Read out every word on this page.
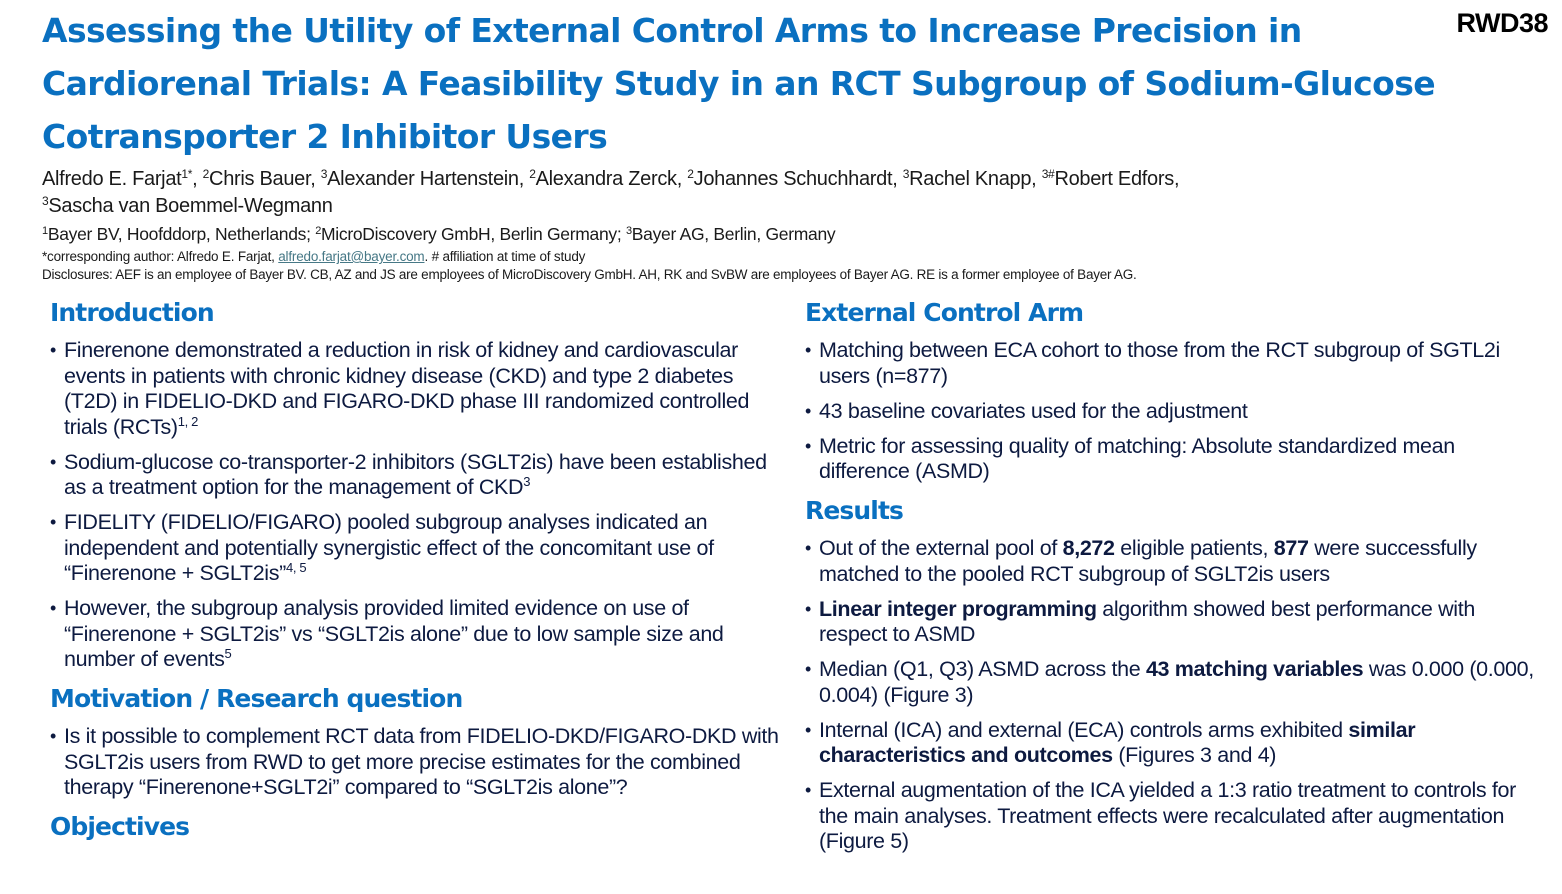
Assessing the Utility of External Control Arms to Increase Precision in
Cardiorenal Trials: A Feasibility Study in an RCT Subgroup of Sodium-Glucose
Cotransporter 2 Inhibitor Users
RWD38
Alfredo E. Farjat$^{1*}$, $^2$Chris Bauer, $^3$Alexander Hartenstein, $^2$Alexandra Zerck, $^2$Johannes Schuchhardt, $^3$Rachel Knapp, $^{3\#}$Robert Edfors,
$^3$Sascha van Boemmel-Wegmann
$^1$Bayer BV, Hoofddorp, Netherlands; $^2$MicroDiscovery GmbH, Berlin Germany; $^3$Bayer AG, Berlin, Germany
*corresponding author: Alfredo E. Farjat, alfredo.farjat@bayer.com. # affiliation at time of study
Disclosures: AEF is an employee of Bayer BV. CB, AZ and JS are employees of MicroDiscovery GmbH. AH, RK and SvBW are employees of Bayer AG. RE is a former employee of Bayer AG.
Introduction
• Finerenone demonstrated a reduction in risk of kidney and cardiovascular events in patients with chronic kidney disease (CKD) and type 2 diabetes (T2D) in FIDELIO-DKD and FIGARO-DKD phase III randomized controlled trials (RCTs)$^{1, 2}$
• Sodium-glucose co-transporter-2 inhibitors (SGLT2is) have been established as a treatment option for the management of CKD$^3$
• FIDELITY (FIDELIO/FIGARO) pooled subgroup analyses indicated an independent and potentially synergistic effect of the concomitant use of “Finerenone + SGLT2is”$^{4, 5}$
• However, the subgroup analysis provided limited evidence on use of “Finerenone + SGLT2is” vs “SGLT2is alone” due to low sample size and number of events$^5$
Motivation / Research question
• Is it possible to complement RCT data from FIDELIO-DKD/FIGARO-DKD with SGLT2is users from RWD to get more precise estimates for the combined therapy “Finerenone+SGLT2i” compared to “SGLT2is alone”?
Objectives
External Control Arm
• Matching between ECA cohort to those from the RCT subgroup of SGTL2i users (n=877)
• 43 baseline covariates used for the adjustment
• Metric for assessing quality of matching: Absolute standardized mean difference (ASMD)
Results
• Out of the external pool of 8,272 eligible patients, 877 were successfully matched to the pooled RCT subgroup of SGLT2is users
• Linear integer programming algorithm showed best performance with respect to ASMD
• Median (Q1, Q3) ASMD across the 43 matching variables was 0.000 (0.000, 0.004) (Figure 3)
• Internal (ICA) and external (ECA) controls arms exhibited similar characteristics and outcomes (Figures 3 and 4)
• External augmentation of the ICA yielded a 1:3 ratio treatment to controls for the main analyses. Treatment effects were recalculated after augmentation (Figure 5)
